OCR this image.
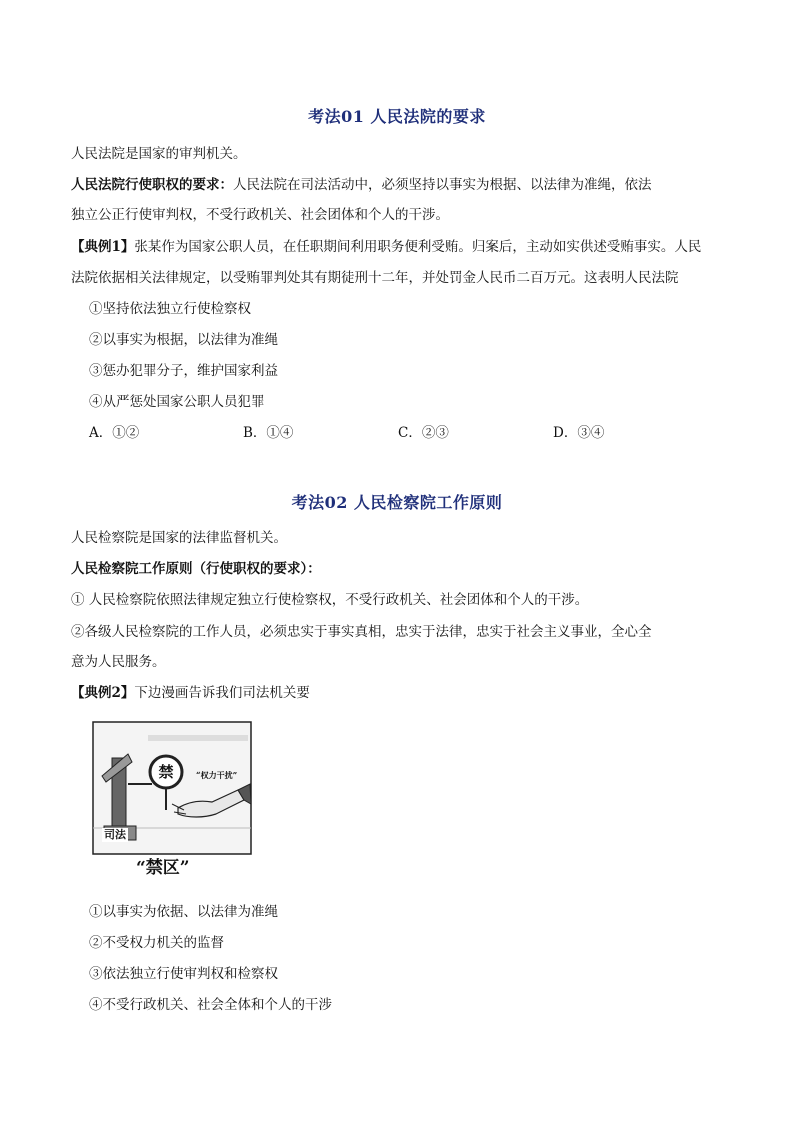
考法01 人民法院的要求
人民法院是国家的审判机关。
人民法院行使职权的要求：人民法院在司法活动中，必须坚持以事实为根据、以法律为准绳，依法
独立公正行使审判权，不受行政机关、社会团体和个人的干涉。
【典例1】张某作为国家公职人员，在任职期间利用职务便利受贿。归案后，主动如实供述受贿事实。人民
法院依据相关法律规定，以受贿罪判处其有期徒刑十二年，并处罚金人民币二百万元。这表明人民法院
①坚持依法独立行使检察权
②以事实为根据，以法律为准绳
③惩办犯罪分子，维护国家利益
④从严惩处国家公职人员犯罪
A．①②	B．①④	C．②③	D．③④
考法02 人民检察院工作原则
人民检察院是国家的法律监督机关。
人民检察院工作原则（行使职权的要求）：
① 人民检察院依照法律规定独立行使检察权，不受行政机关、社会团体和个人的干涉。
②各级人民检察院的工作人员，必须忠实于事实真相，忠实于法律，忠实于社会主义事业，全心全
意为人民服务。
【典例2】下边漫画告诉我们司法机关要
禁	“权力干扰”
司法
“禁区”
①以事实为依据、以法律为准绳
②不受权力机关的监督
③依法独立行使审判权和检察权
④不受行政机关、社会全体和个人的干涉
